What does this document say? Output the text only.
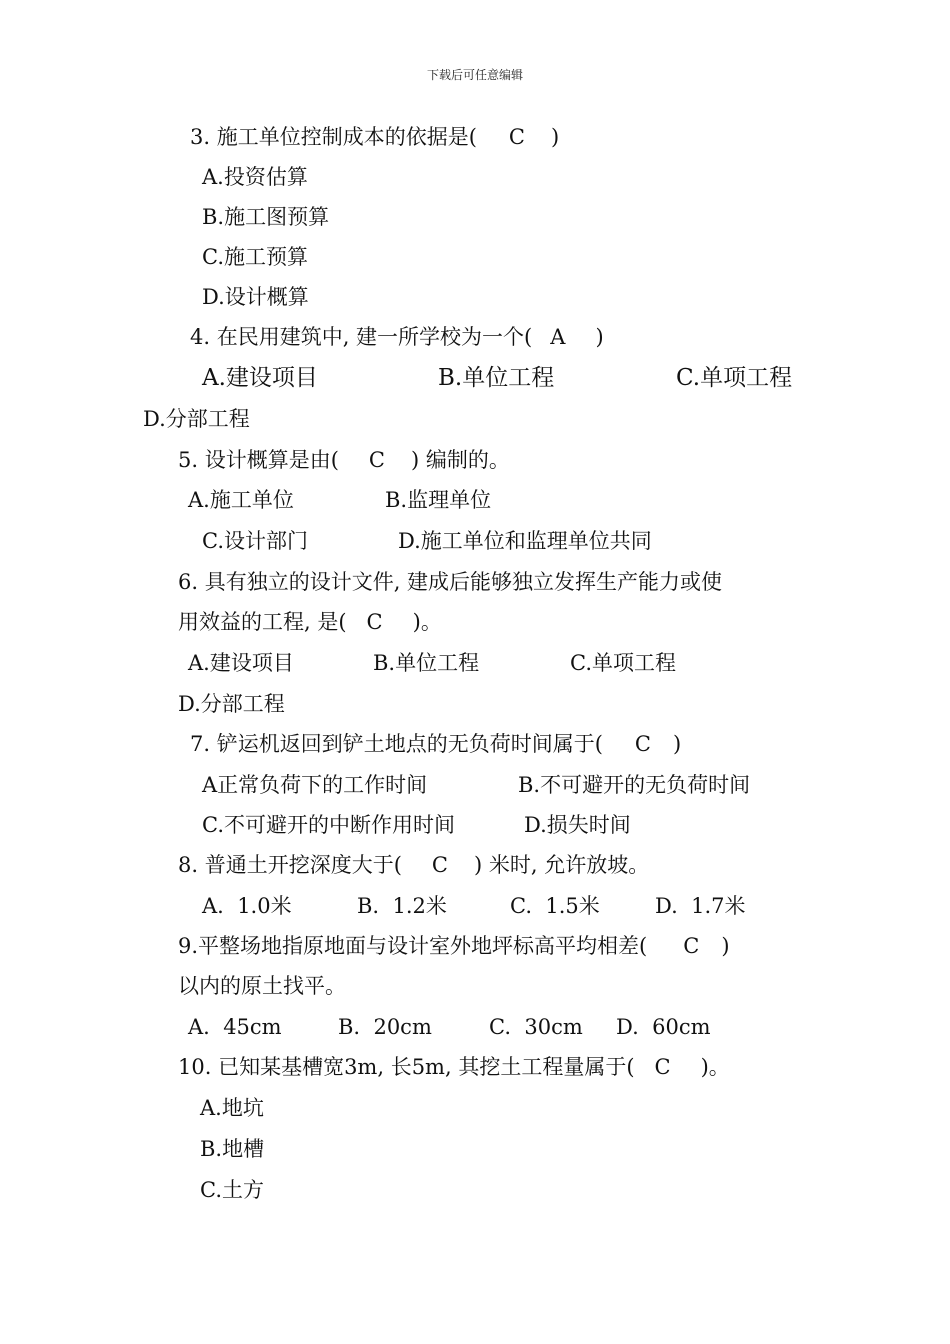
下载后可任意编辑
3. 施工单位控制成本的依据是( C )
A.投资估算
B.施工图预算
C.施工预算
D.设计概算
4. 在民用建筑中, 建一所学校为一个( A )
A.建设项目	B.单位工程	C.单项工程
D.分部工程
5. 设计概算是由( C ) 编制的。
A.施工单位	B.监理单位
C.设计部门	D.施工单位和监理单位共同
6. 具有独立的设计文件, 建成后能够独立发挥生产能力或使
用效益的工程, 是( C )。
A.建设项目	B.单位工程	C.单项工程
D.分部工程
7. 铲运机返回到铲土地点的无负荷时间属于( C )
A正常负荷下的工作时间	B.不可避开的无负荷时间
C.不可避开的中断作用时间	D.损失时间
8. 普通土开挖深度大于( C ) 米时, 允许放坡。
A.  1.0米	B.  1.2米	C.  1.5米	D.  1.7米
9.平整场地指原地面与设计室外地坪标高平均相差( C )
以内的原土找平。
A.  45cm	B.  20cm	C.  30cm D.  60cm
10. 已知某基槽宽3m, 长5m, 其挖土工程量属于( C )。
A.地坑
B.地槽
C.土方
